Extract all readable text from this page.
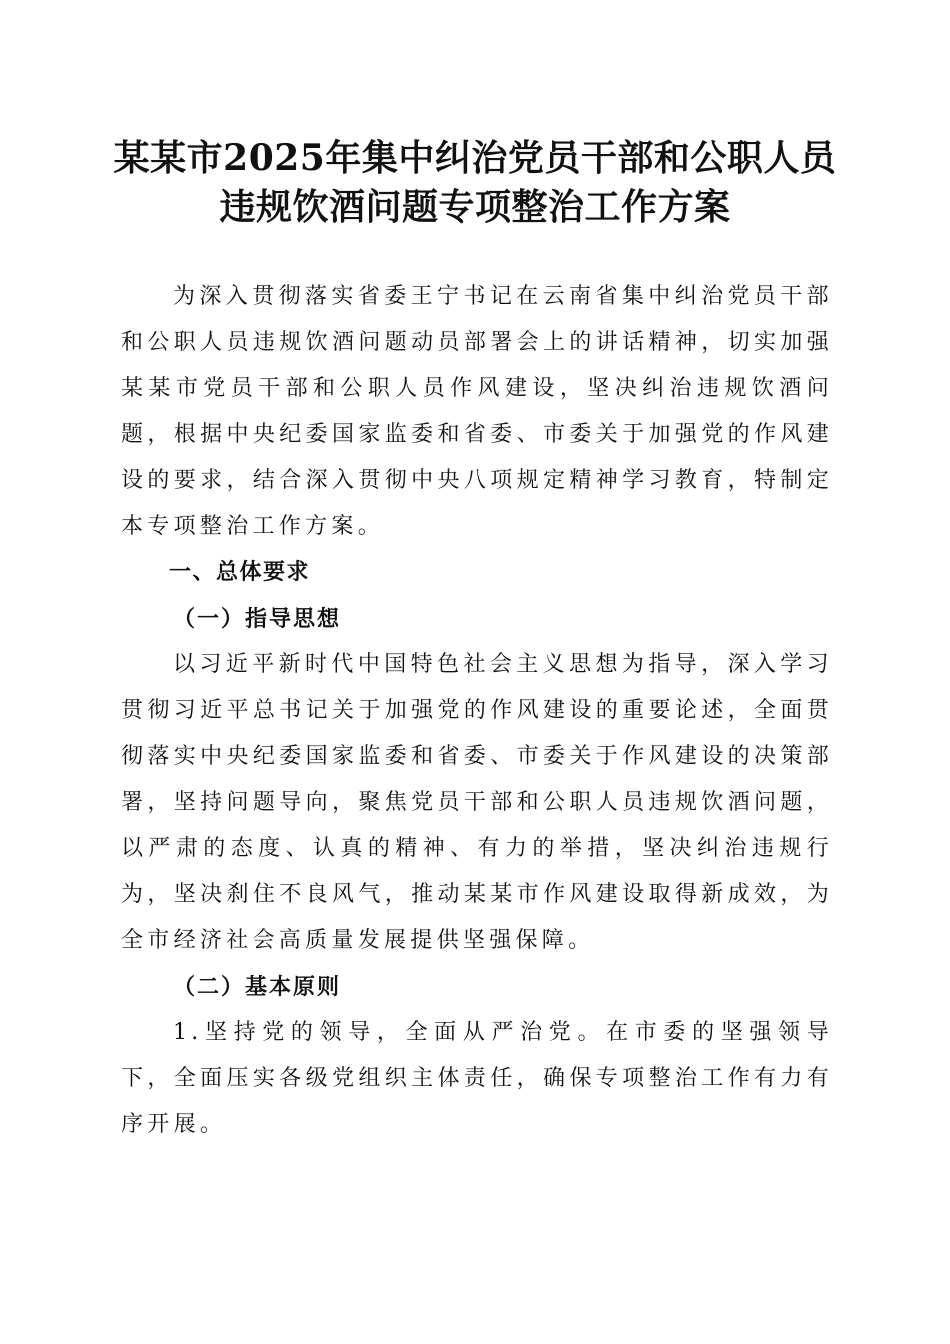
某某市2025年集中纠治党员干部和公职人员
违规饮酒问题专项整治工作方案

为深入贯彻落实省委王宁书记在云南省集中纠治党员干部和公职人员违规饮酒问题动员部署会上的讲话精神，切实加强某某市党员干部和公职人员作风建设，坚决纠治违规饮酒问题，根据中央纪委国家监委和省委、市委关于加强党的作风建设的要求，结合深入贯彻中央八项规定精神学习教育，特制定本专项整治工作方案。

一、总体要求

（一）指导思想

以习近平新时代中国特色社会主义思想为指导，深入学习贯彻习近平总书记关于加强党的作风建设的重要论述，全面贯彻落实中央纪委国家监委和省委、市委关于作风建设的决策部署，坚持问题导向，聚焦党员干部和公职人员违规饮酒问题，以严肃的态度、认真的精神、有力的举措，坚决纠治违规行为，坚决刹住不良风气，推动某某市作风建设取得新成效，为全市经济社会高质量发展提供坚强保障。

（二）基本原则

1.坚持党的领导，全面从严治党。在市委的坚强领导下，全面压实各级党组织主体责任，确保专项整治工作有力有序开展。
